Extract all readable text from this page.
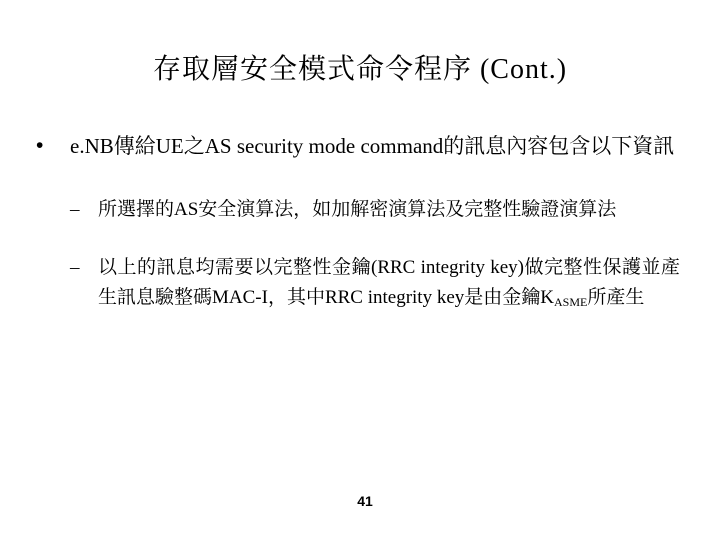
存取層安全模式命令程序 (Cont.)
• e.NB傳給UE之AS security mode command的訊息內容包含以下資訊
– 所選擇的AS安全演算法，如加解密演算法及完整性驗證演算法
– 以上的訊息均需要以完整性金鑰(RRC integrity key)做完整性保護並產生訊息驗整碼MAC-I，其中RRC integrity key是由金鑰$K_{ASME}$所產生
41
